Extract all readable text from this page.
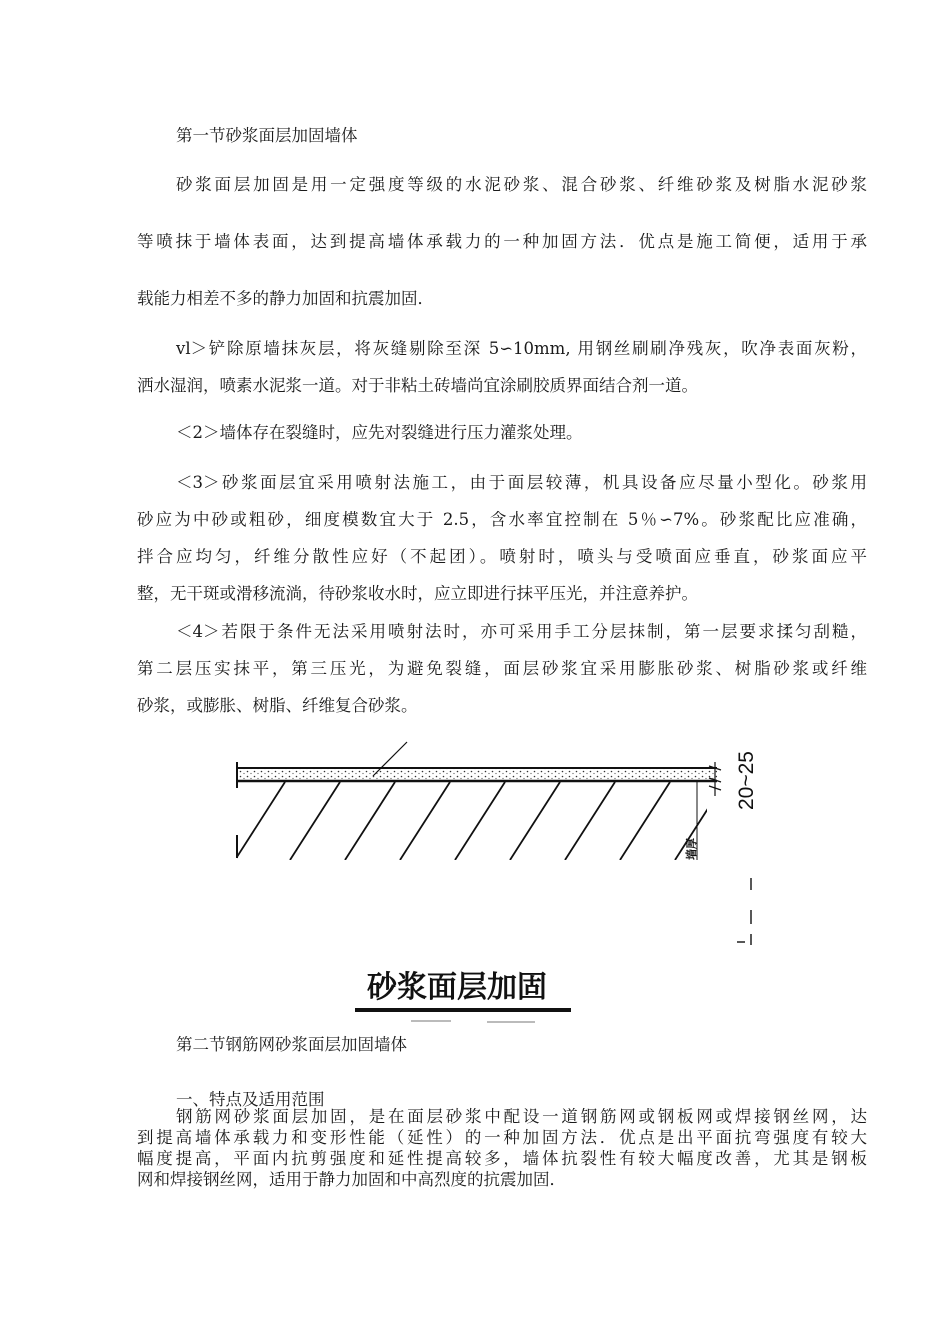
第一节砂浆面层加固墙体
砂浆面层加固是用一定强度等级的水泥砂浆、混合砂浆、纤维砂浆及树脂水泥砂浆
等喷抹于墙体表面，达到提高墙体承载力的一种加固方法．优点是施工简便，适用于承
载能力相差不多的静力加固和抗震加固．
vl＞铲除原墙抹灰层，将灰缝剔除至深 5∽10mm, 用钢丝刷刷净残灰，吹净表面灰粉，
洒水湿润，喷素水泥浆一道。对于非粘土砖墙尚宜涂刷胶质界面结合剂一道。
＜2＞墙体存在裂缝时，应先对裂缝进行压力灌浆处理。
＜3＞砂浆面层宜采用喷射法施工，由于面层较薄，机具设备应尽量小型化。砂浆用
砂应为中砂或粗砂，细度模数宜大于 2.5，含水率宜控制在 5％∽7%。砂浆配比应准确，
拌合应均匀，纤维分散性应好（不起团）。喷射时，喷头与受喷面应垂直，砂浆面应平
整，无干斑或滑移流淌，待砂浆收水时，应立即进行抹平压光，并注意养护。
＜4＞若限于条件无法采用喷射法时，亦可采用手工分层抹制，第一层要求揉匀刮糙，
第二层压实抹平，第三压光，为避免裂缝，面层砂浆宜采用膨胀砂浆、树脂砂浆或纤维
砂浆，或膨胀、树脂、纤维复合砂浆。
20~25
墙厚
砂浆面层加固
第二节钢筋网砂浆面层加固墙体
一、特点及适用范围
钢筋网砂浆面层加固，是在面层砂浆中配设一道钢筋网或钢板网或焊接钢丝网，达
到提高墙体承载力和变形性能（延性）的一种加固方法．优点是出平面抗弯强度有较大
幅度提高，平面内抗剪强度和延性提高较多，墙体抗裂性有较大幅度改善，尤其是钢板
网和焊接钢丝网，适用于静力加固和中高烈度的抗震加固．
